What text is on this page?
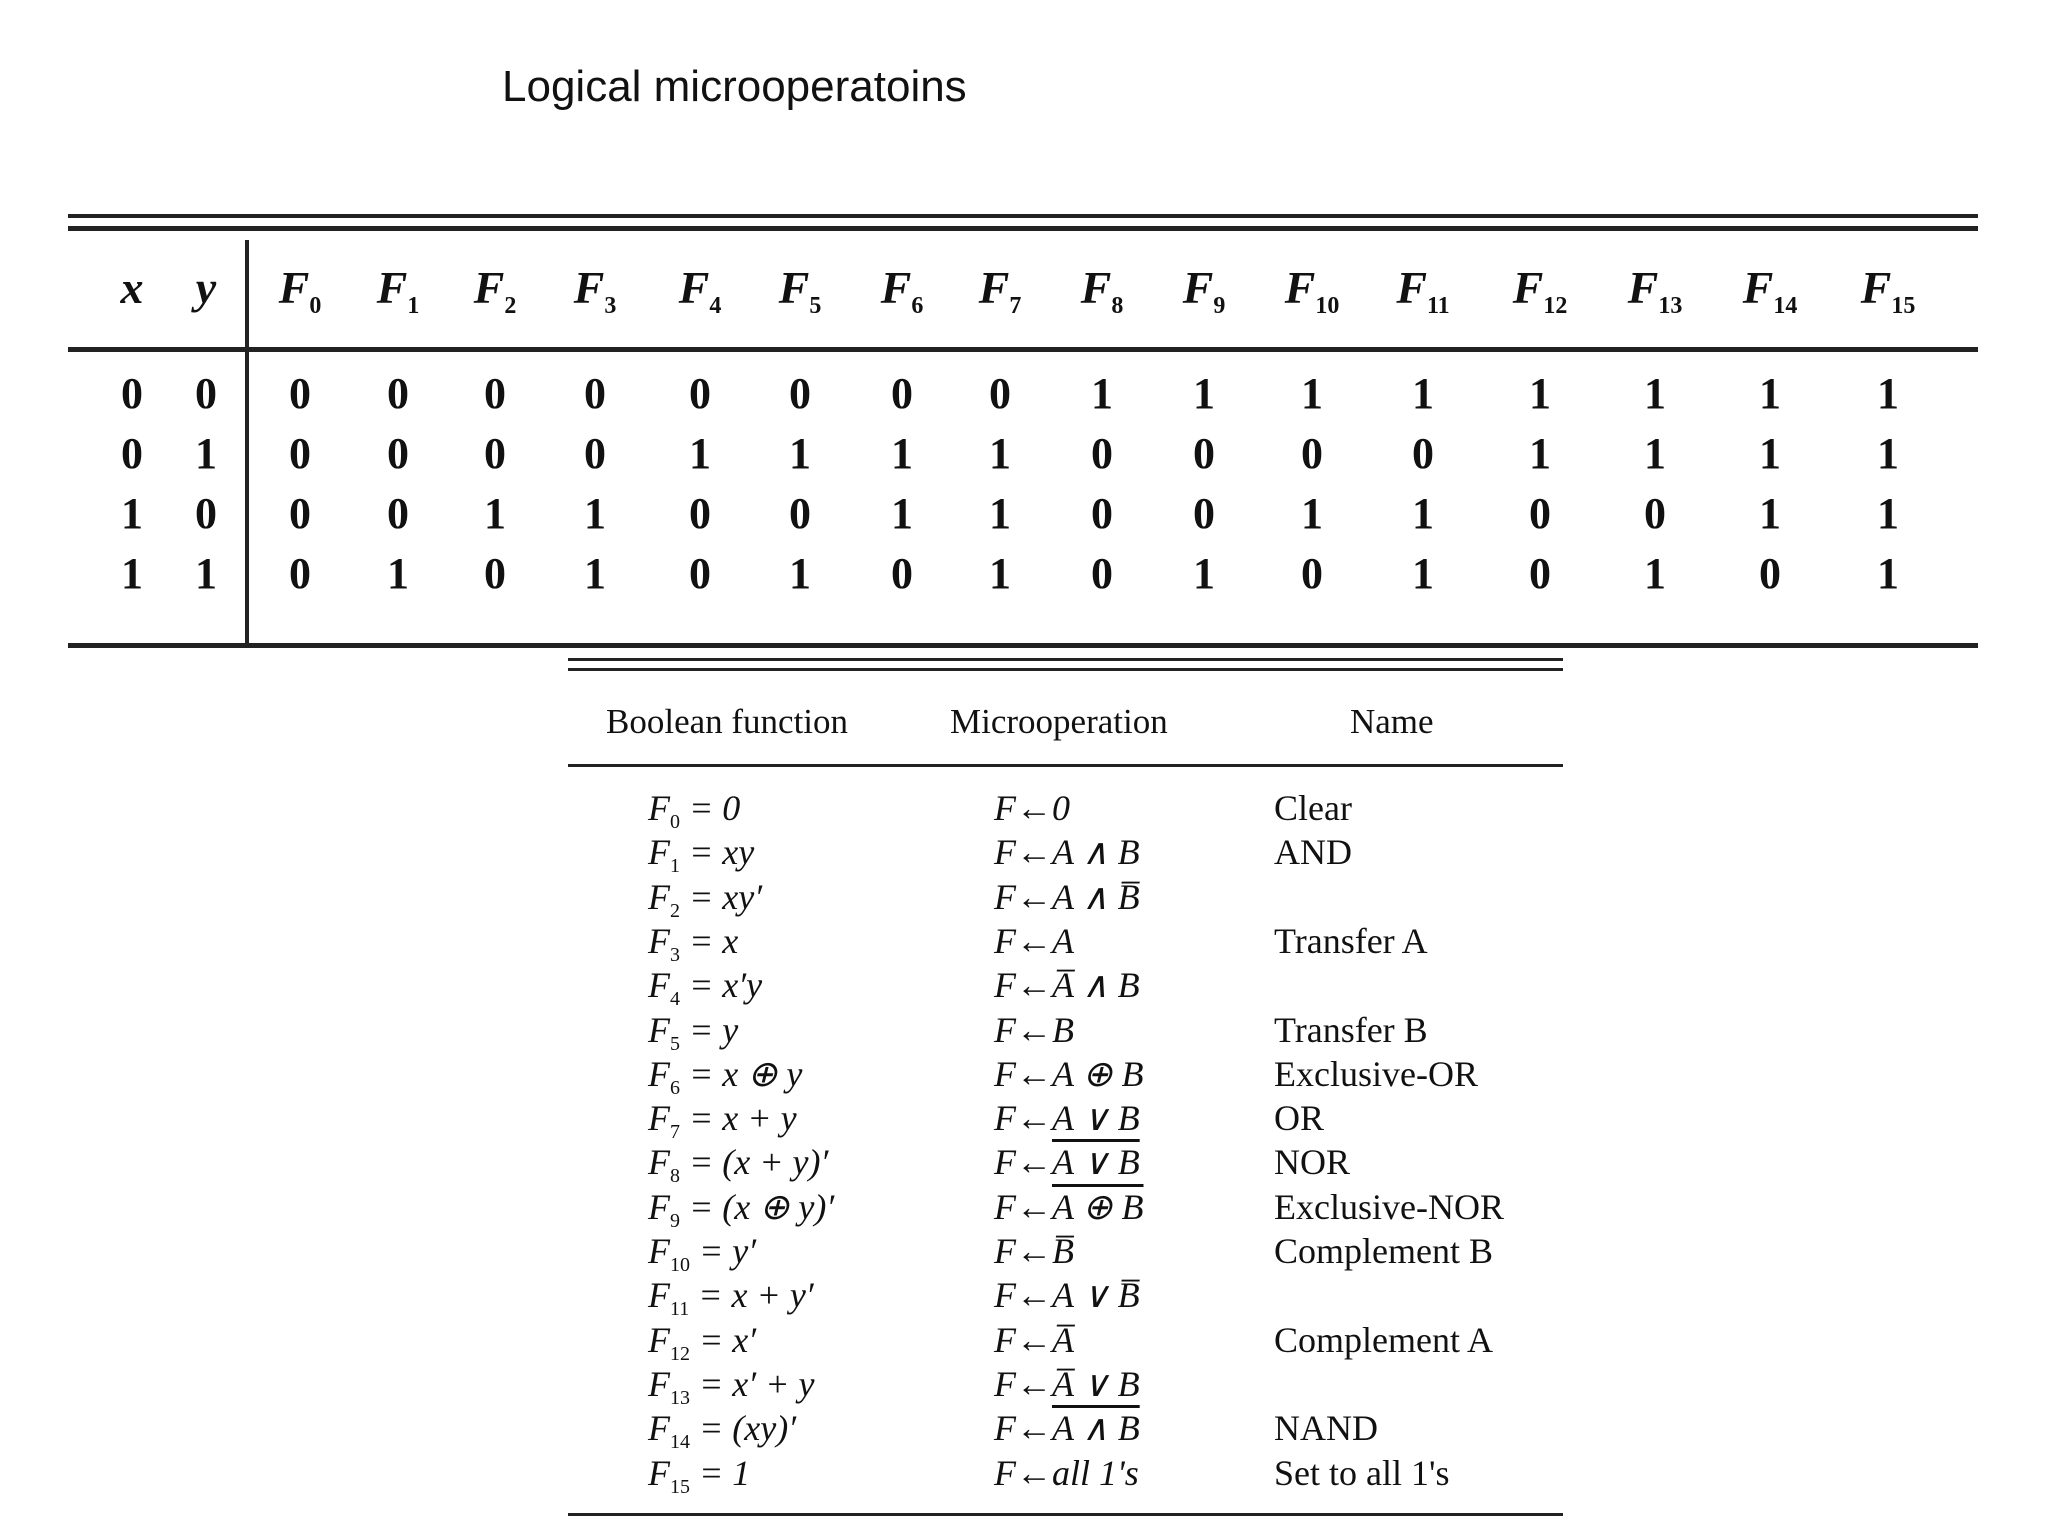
Logical microoperatoins
x	y	$F_0$	$F_1$	$F_2$	$F_3$	$F_4$	$F_5$	$F_6$	$F_7$	$F_8$	$F_9$	$F_{10}$ $F_{11}$ $F_{12}$ $F_{13}$ $F_{14}$ $F_{15}$
0	0	0	0	0	0	0	0	0	0	1	1	1	1	1	1	1	1
0	1	0	0	0	0	1	1	1	1	0	0	0	0	1	1	1	1
1	0	0	0	1	1	0	0	1	1	0	0	1	1	0	0	1	1
1	1	0	1	0	1	0	1	0	1	0	1	0	1	0	1	0	1
Boolean function	Microoperation	Name
$F_0 = 0$	F←0	Clear
$F_1$ = xy	F←A ∧ B	AND
$F_2 = xy'$	F←A ∧ B̅
$F_3 = x$	F←A	Transfer A
$F_4 = x'y$	F←A̅ ∧ B
$F_5 = y$	F←B	Transfer B
$F_6 = x$ ⊕ y	F←A ⊕ B	Exclusive-OR
$F_7 = x + y$	F←A ∨ B	OR
$F_8 = (x + y)'$	F←A ∨ B	NOR
$F_9 = (x$ ⊕ y)′	F←A ⊕ B	Exclusive-NOR
$F_{10} = y'$	F←B̅	Complement B
$F_{11} = x + y'$	F←A ∨ B̅
$F_{12} = x'$	F←A̅	Complement A
$F_{13} = x' + y$	F←A̅ ∨ B
$F_{14} = (xy)'$	F←A ∧ B	NAND
$F_{15} = 1$	F←all 1's	Set to all 1's
